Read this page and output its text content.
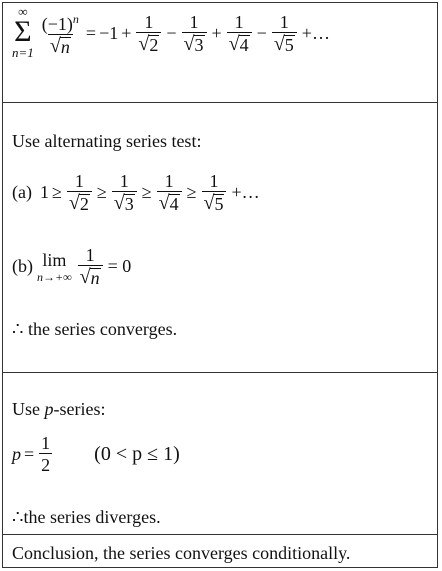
∞
Σ
$n=1 \frac{(-1)^n}{√ n} = -1 + \frac{1}{√ 2} - \frac{1}{√ 3} + \frac{1}{√ 4} - \frac{1}{√ 5}$ +…
Use alternating series test:
(a) $1 \ge \frac{1}{√ 2} \ge \frac{1}{√ 3} \ge \frac{1}{√ 4} \ge \frac{1}{√ 5}$ +…
(b) lim
$n\to+\infty \frac{1}{√ n} = 0$
∴ the series converges.
Use p-series:
$p = \frac{1}{2} (0 < p \le 1)$
∴the series diverges.
Conclusion, the series converges conditionally.
